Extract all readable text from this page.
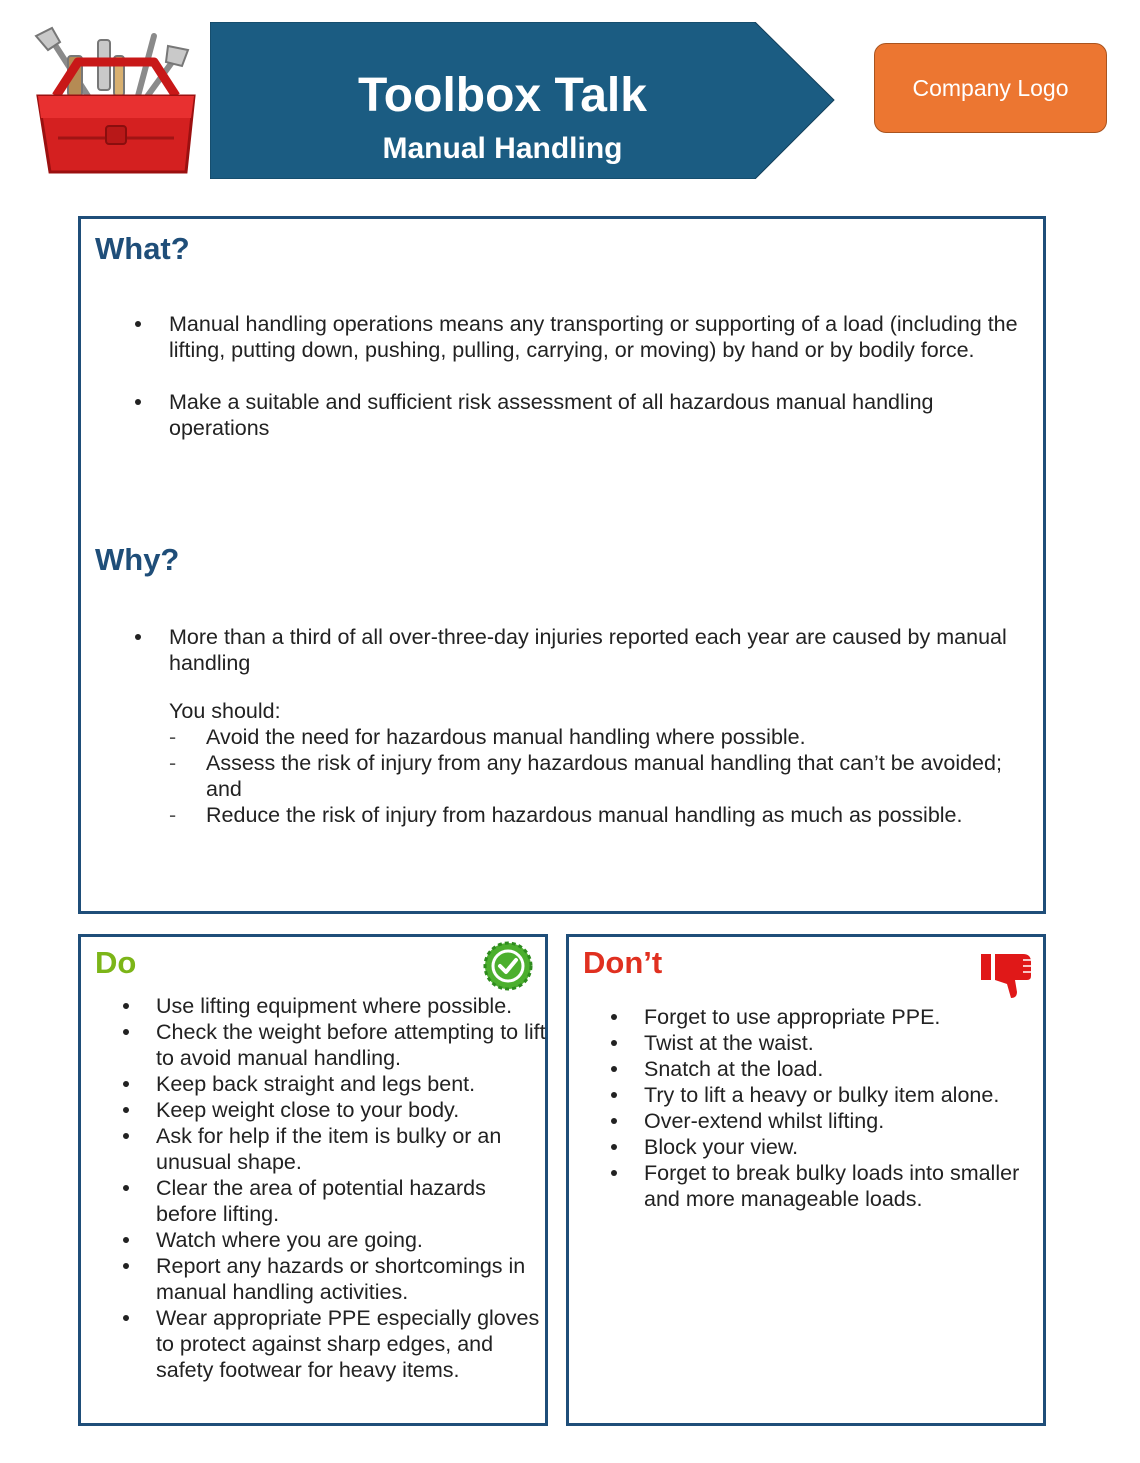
Toolbox Talk
Manual Handling
Company Logo
What?
Manual handling operations means any transporting or supporting of a load (including the lifting, putting down, pushing, pulling, carrying, or moving) by hand or by bodily force.
Make a suitable and sufficient risk assessment of all hazardous manual handling operations
Why?
More than a third of all over-three-day injuries reported each year are caused by manual handling
You should:
- Avoid the need for hazardous manual handling where possible.
- Assess the risk of injury from any hazardous manual handling that can’t be avoided; and
- Reduce the risk of injury from hazardous manual handling as much as possible.
Do
Use lifting equipment where possible.
Check the weight before attempting to lift to avoid manual handling.
Keep back straight and legs bent.
Keep weight close to your body.
Ask for help if the item is bulky or an unusual shape.
Clear the area of potential hazards before lifting.
Watch where you are going.
Report any hazards or shortcomings in manual handling activities.
Wear appropriate PPE especially gloves to protect against sharp edges, and safety footwear for heavy items.
Don’t
Forget to use appropriate PPE.
Twist at the waist.
Snatch at the load.
Try to lift a heavy or bulky item alone.
Over-extend whilst lifting.
Block your view.
Forget to break bulky loads into smaller and more manageable loads.
